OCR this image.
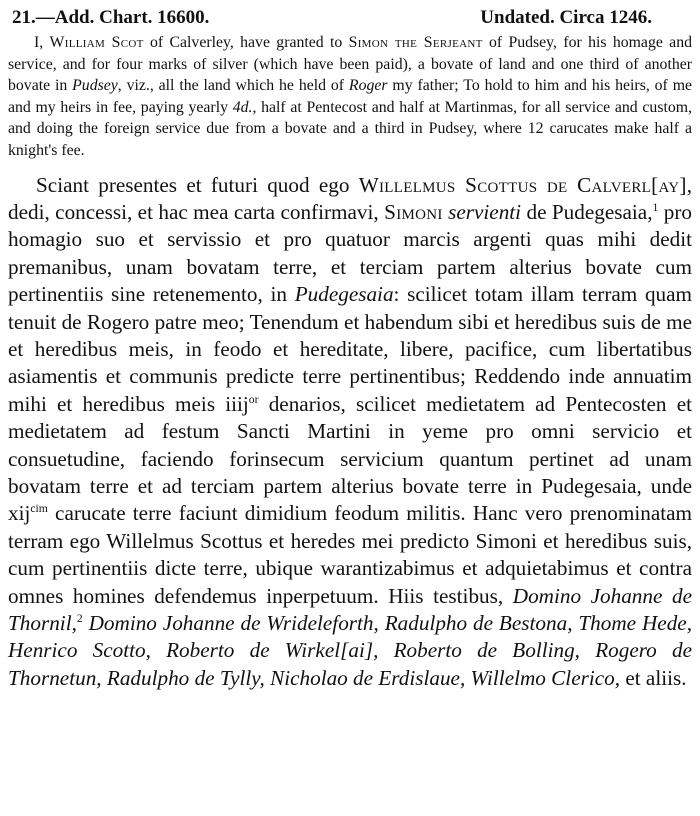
21.—Add. Chart. 16600.	Undated. Circa 1246.
I, William Scot of Calverley, have granted to Simon the Serjeant of Pudsey, for his homage and service, and for four marks of silver (which have been paid), a bovate of land and one third of another bovate in Pudsey, viz., all the land which he held of Roger my father; To hold to him and his heirs, of me and my heirs in fee, paying yearly 4d., half at Pentecost and half at Martinmas, for all service and custom, and doing the foreign service due from a bovate and a third in Pudsey, where 12 carucates make half a knight's fee.
Sciant presentes et futuri quod ego Willelmus Scottus de Calverl[ay], dedi, concessi, et hac mea carta confirmavi, Simoni servienti de Pudegesaia,$^1$ pro homagio suo et servissio et pro quatuor marcis argenti quas mihi dedit premanibus, unam bovatam terre, et terciam partem alterius bovate cum pertinentiis sine retenemento, in Pudegesaia: scilicet totam illam terram quam tenuit de Rogero patre meo; Tenendum et habendum sibi et heredibus suis de me et heredibus meis, in feodo et hereditate, libere, pacifice, cum libertatibus asiamentis et communis predicte terre pertinentibus; Reddendo inde annuatim mihi et heredibus meis iiij$^{or}$ denarios, scilicet medietatem ad Pentecosten et medietatem ad festum Sancti Martini in yeme pro omni servicio et consuetudine, faciendo forinsecum servicium quantum pertinet ad unam bovatam terre et ad terciam partem alterius bovate terre in Pudegesaia, unde xij$^{cim}$ carucate terre faciunt dimidium feodum militis. Hanc vero prenominatam terram ego Willelmus Scottus et heredes mei predicto Simoni et heredibus suis, cum pertinentiis dicte terre, ubique warantizabimus et adquietabimus et contra omnes homines defendemus inperpetuum. Hiis testibus, Domino Johanne de Thornil,$^2$ Domino Johanne de Wrideleforth, Radulpho de Bestona, Thome Hede, Henrico Scotto, Roberto de Wirkel[ai], Roberto de Bolling, Rogero de Thornetun, Radulpho de Tylly, Nicholao de Erdislaue, Willelmo Clerico, et aliis.
